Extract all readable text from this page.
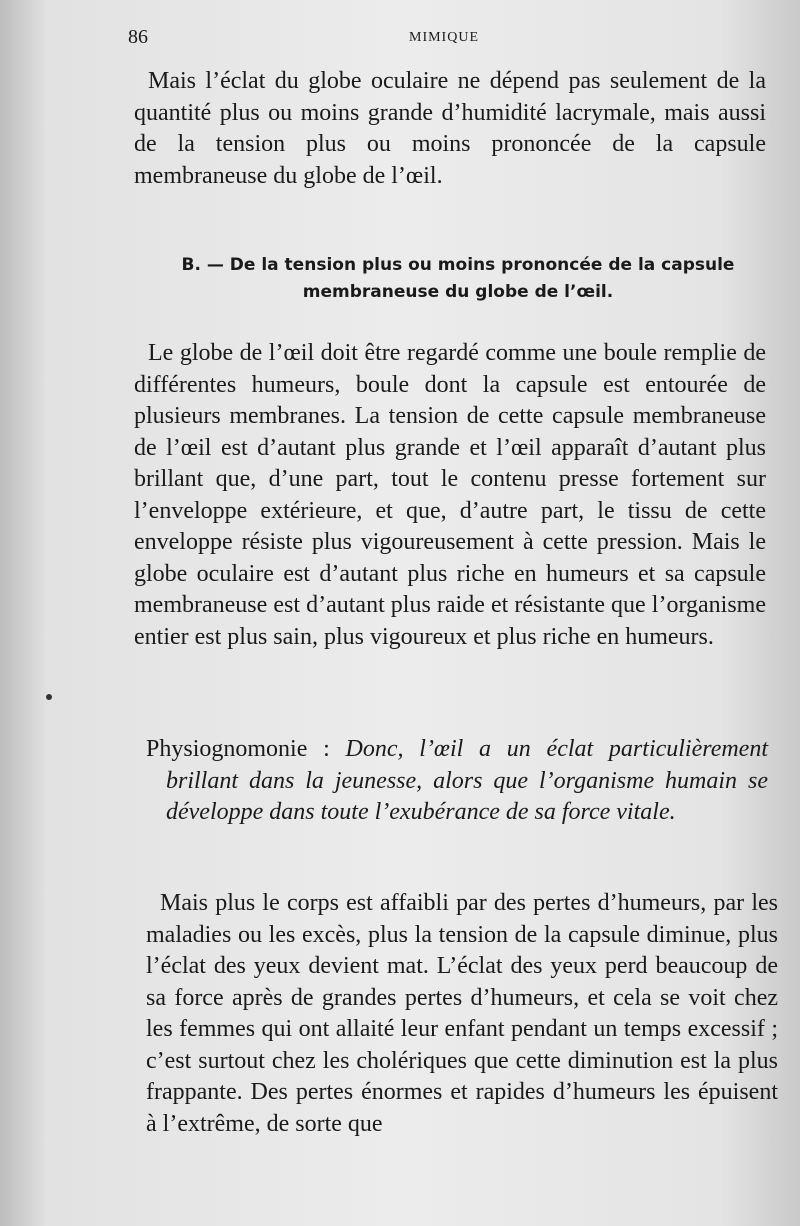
86	MIMIQUE
Mais l’éclat du globe oculaire ne dépend pas seulement de la quantité plus ou moins grande d’humidité lacrymale, mais aussi de la tension plus ou moins prononcée de la capsule membraneuse du globe de l’œil.
B. — De la tension plus ou moins prononcée de la capsule membraneuse du globe de l’œil.
Le globe de l’œil doit être regardé comme une boule remplie de différentes humeurs, boule dont la capsule est entourée de plusieurs membranes. La tension de cette capsule membraneuse de l’œil est d’autant plus grande et l’œil apparaît d’autant plus brillant que, d’une part, tout le contenu presse fortement sur l’enveloppe extérieure, et que, d’autre part, le tissu de cette enveloppe résiste plus vigoureusement à cette pression. Mais le globe oculaire est d’autant plus riche en humeurs et sa capsule membraneuse est d’autant plus raide et résistante que l’organisme entier est plus sain, plus vigoureux et plus riche en humeurs.
Physiognomonie : Donc, l’œil a un éclat particulièrement brillant dans la jeunesse, alors que l’organisme humain se développe dans toute l’exubérance de sa force vitale.
Mais plus le corps est affaibli par des pertes d’humeurs, par les maladies ou les excès, plus la tension de la capsule diminue, plus l’éclat des yeux devient mat. L’éclat des yeux perd beaucoup de sa force après de grandes pertes d’humeurs, et cela se voit chez les femmes qui ont allaité leur enfant pendant un temps excessif ; c’est surtout chez les cholériques que cette diminution est la plus frappante. Des pertes énormes et rapides d’humeurs les épuisent à l’extrême, de sorte que
